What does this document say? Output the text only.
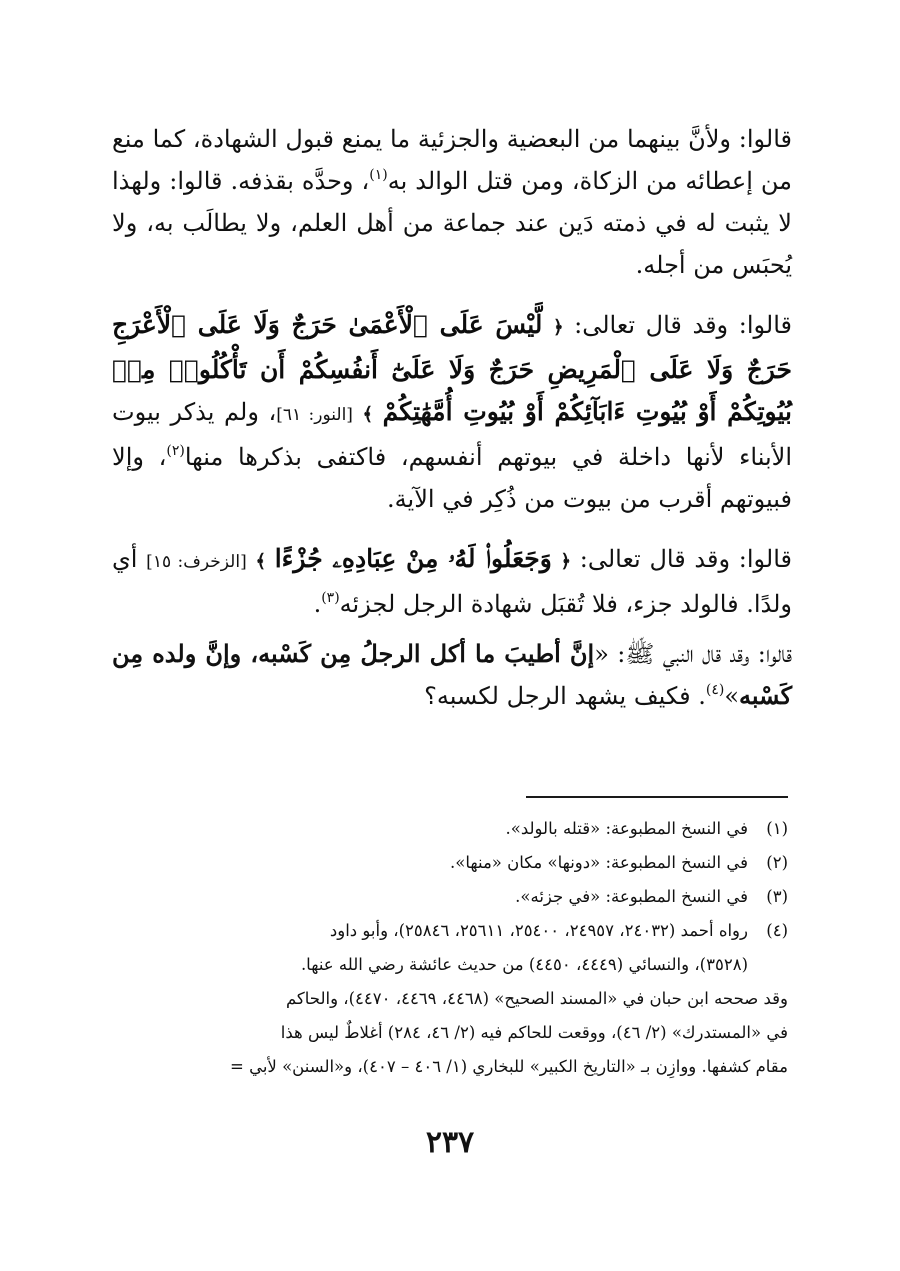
قالوا: ولأنَّ بينهما من البعضية والجزئية ما يمنع قبول الشهادة، كما منع من إعطائه من الزكاة، ومن قتل الوالد به$^{(١)}$، وحدَّه بقذفه. قالوا: ولهذا لا يثبت له في ذمته دَين عند جماعة من أهل العلم، ولا يطالَب به، ولا يُحبَس من أجله.

قالوا: وقد قال تعالى: ﴿ لَّيْسَ عَلَى ٱلْأَعْمَىٰ حَرَجٌ وَلَا عَلَى ٱلْأَعْرَجِ حَرَجٌ وَلَا عَلَى ٱلْمَرِيضِ حَرَجٌ وَلَا عَلَىٰٓ أَنفُسِكُمْ أَن تَأْكُلُوا۟ مِنۢ بُيُوتِكُمْ أَوْ بُيُوتِ ءَابَآئِكُمْ أَوْ بُيُوتِ أُمَّهَٰتِكُمْ ﴾ [النور: ٦١]، ولم يذكر بيوت الأبناء لأنها داخلة في بيوتهم أنفسهم، فاكتفى بذكرها منها$^{(٢)}$، وإلا فبيوتهم أقرب من بيوت من ذُكِر في الآية.

قالوا: وقد قال تعالى: ﴿ وَجَعَلُوا۟ لَهُۥ مِنْ عِبَادِهِۦ جُزْءًا ﴾ [الزخرف: ١٥] أي ولدًا. فالولد جزء، فلا تُقبَل شهادة الرجل لجزئه$^{(٣)}$.

قالوا: وقد قال النبي ﷺ: «إنَّ أطيبَ ما أكل الرجلُ مِن كَسْبه، وإنَّ ولده مِن كَسْبه»$^{(٤)}$. فكيف يشهد الرجل لكسبه؟

(١)
في النسخ المطبوعة: «قتله بالولد».
(٢)
في النسخ المطبوعة: «دونها» مكان «منها».
(٣)
في النسخ المطبوعة: «في جزئه».
(٤)
رواه أحمد (٢٤٠٣٢، ٢٤٩٥٧، ٢٥٤٠٠، ٢٥٦١١، ٢٥٨٤٦)، وأبو داود
(٣٥٢٨)، والنسائي (٤٤٤٩، ٤٤٥٠) من حديث عائشة رضي الله عنها.
وقد صححه ابن حبان في «المسند الصحيح» (٤٤٦٨، ٤٤٦٩، ٤٤٧٠)، والحاكم
في «المستدرك» (٢/ ٤٦)، ووقعت للحاكم فيه (٢/ ٤٦، ٢٨٤) أغلاطٌ ليس هذا
مقام كشفها. ووازِن بـ «التاريخ الكبير» للبخاري (١/ ٤٠٦ – ٤٠٧)، و«السنن» لأبي =
٢٣٧
